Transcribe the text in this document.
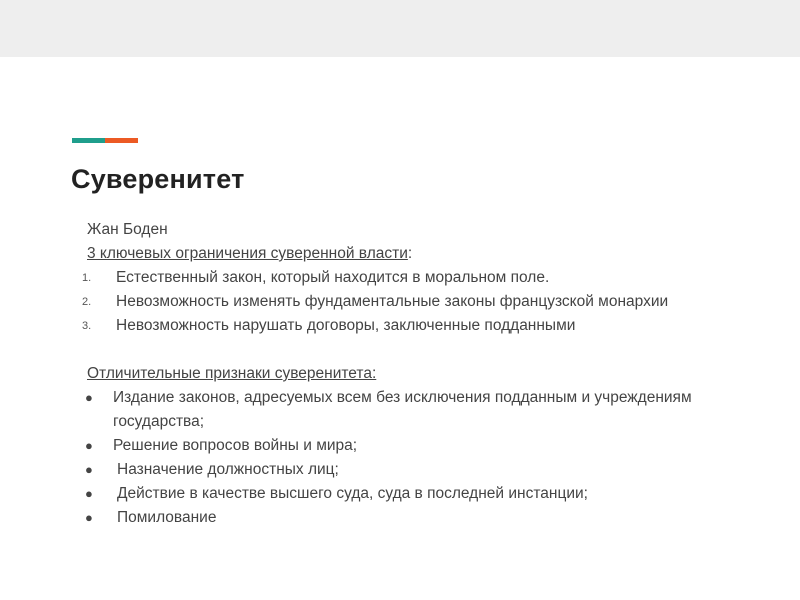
Суверенитет
Жан Боден
3 ключевых ограничения суверенной власти:
1.	Естественный закон, который находится в моральном поле.
2.	Невозможность изменять фундаментальные законы французской монархии
3.	Невозможность нарушать договоры, заключенные подданными
Отличительные признаки суверенитета:
● Издание законов, адресуемых всем без исключения подданным и учреждениям государства;
● Решение вопросов войны и мира;
● Назначение должностных лиц;
● Действие в качестве высшего суда, суда в последней инстанции;
● Помилование
